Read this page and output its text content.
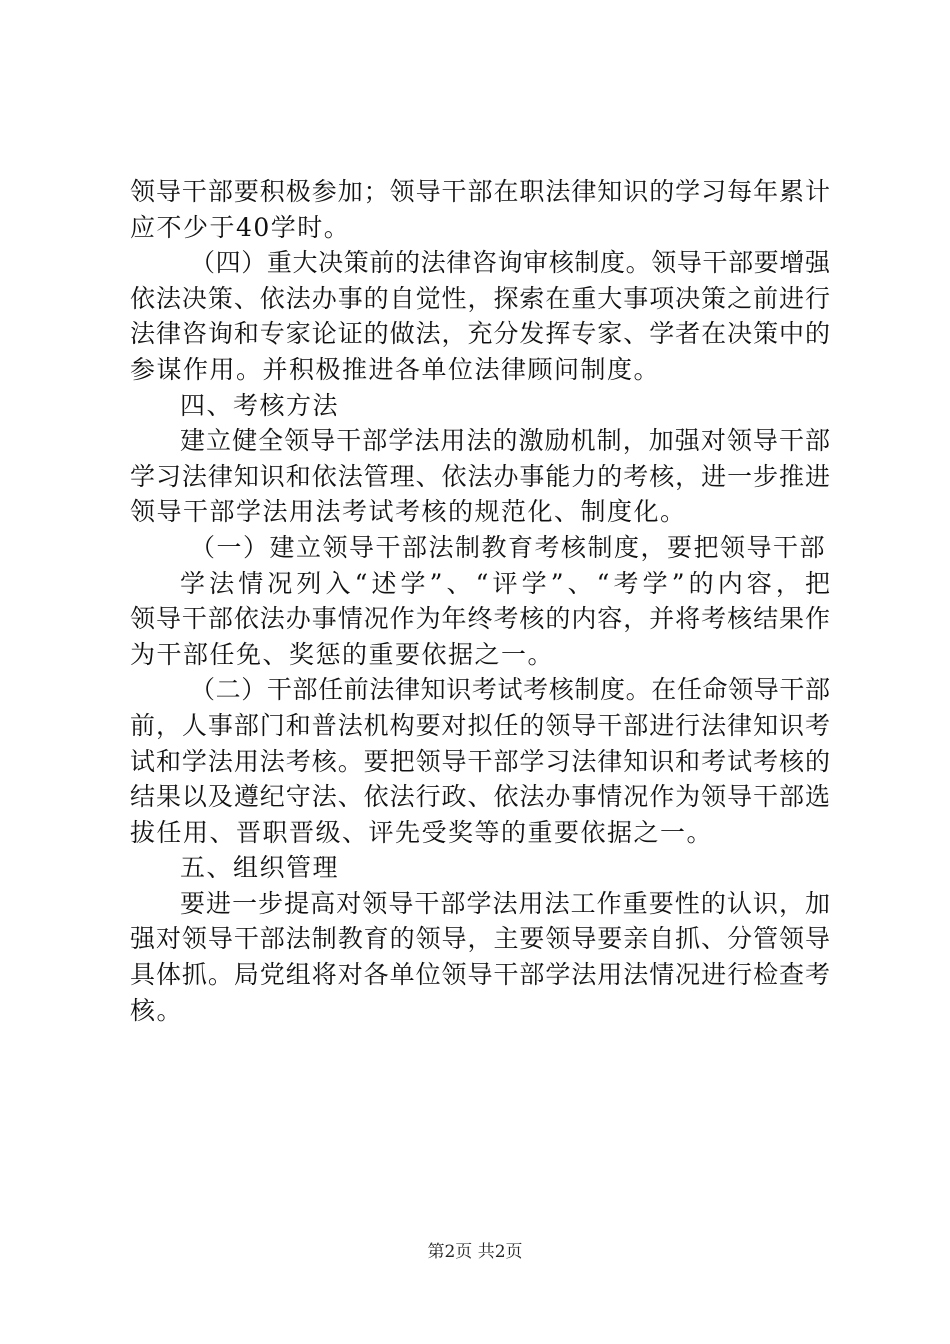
领导干部要积极参加；领导干部在职法律知识的学习每年累计
应不少于40学时。
（四）重大决策前的法律咨询审核制度。领导干部要增强
依法决策、依法办事的自觉性，探索在重大事项决策之前进行
法律咨询和专家论证的做法，充分发挥专家、学者在决策中的
参谋作用。并积极推进各单位法律顾问制度。
四、考核方法
建立健全领导干部学法用法的激励机制，加强对领导干部
学习法律知识和依法管理、依法办事能力的考核，进一步推进
领导干部学法用法考试考核的规范化、制度化。
（一）建立领导干部法制教育考核制度，要把领导干部
学法情况列入“述学”、“评学”、“考学”的内容，把
领导干部依法办事情况作为年终考核的内容，并将考核结果作
为干部任免、奖惩的重要依据之一。
（二）干部任前法律知识考试考核制度。在任命领导干部
前，人事部门和普法机构要对拟任的领导干部进行法律知识考
试和学法用法考核。要把领导干部学习法律知识和考试考核的
结果以及遵纪守法、依法行政、依法办事情况作为领导干部选
拔任用、晋职晋级、评先受奖等的重要依据之一。
五、组织管理
要进一步提高对领导干部学法用法工作重要性的认识，加
强对领导干部法制教育的领导，主要领导要亲自抓、分管领导
具体抓。局党组将对各单位领导干部学法用法情况进行检查考
核。
第2页 共2页
